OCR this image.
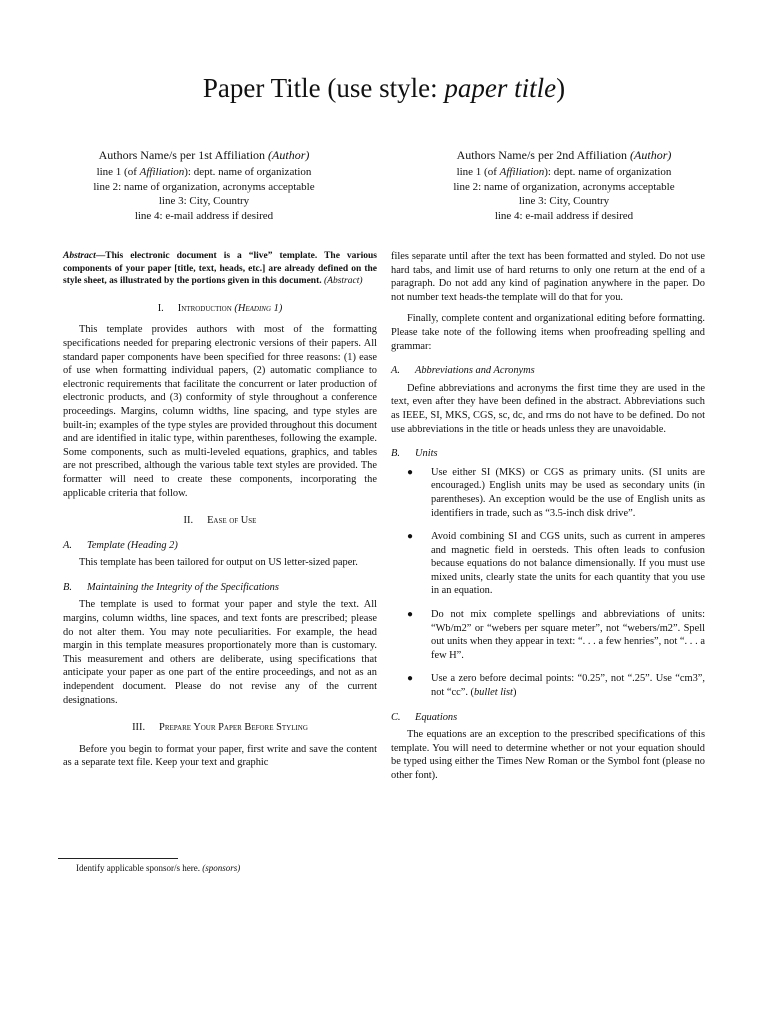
Paper Title (use style: paper title)
Authors Name/s per 1st Affiliation (Author)
line 1 (of Affiliation): dept. name of organization
line 2: name of organization, acronyms acceptable
line 3: City, Country
line 4: e-mail address if desired
Authors Name/s per 2nd Affiliation (Author)
line 1 (of Affiliation): dept. name of organization
line 2: name of organization, acronyms acceptable
line 3: City, Country
line 4: e-mail address if desired

Abstract—This electronic document is a “live” template. The various components of your paper [title, text, heads, etc.] are already defined on the style sheet, as illustrated by the portions given in this document. (Abstract)

I. Introduction (Heading 1)

This template provides authors with most of the formatting specifications needed for preparing electronic versions of their papers. All standard paper components have been specified for three reasons: (1) ease of use when formatting individual papers, (2) automatic compliance to electronic requirements that facilitate the concurrent or later production of electronic products, and (3) conformity of style throughout a conference proceedings. Margins, column widths, line spacing, and type styles are built-in; examples of the type styles are provided throughout this document and are identified in italic type, within parentheses, following the example. Some components, such as multi-leveled equations, graphics, and tables are not prescribed, although the various table text styles are provided. The formatter will need to create these components, incorporating the applicable criteria that follow.

II. Ease of Use
A. Template (Heading 2)

This template has been tailored for output on US letter-sized paper.

B. Maintaining the Integrity of the Specifications

The template is used to format your paper and style the text. All margins, column widths, line spaces, and text fonts are prescribed; please do not alter them. You may note peculiarities. For example, the head margin in this template measures proportionately more than is customary. This measurement and others are deliberate, using specifications that anticipate your paper as one part of the entire proceedings, and not as an independent document. Please do not revise any of the current designations.

III. Prepare Your Paper Before Styling

Before you begin to format your paper, first write and save the content as a separate text file. Keep your text and graphic

files separate until after the text has been formatted and styled. Do not use hard tabs, and limit use of hard returns to only one return at the end of a paragraph. Do not add any kind of pagination anywhere in the paper. Do not number text heads-the template will do that for you.

Finally, complete content and organizational editing before formatting. Please take note of the following items when proofreading spelling and grammar:

A. Abbreviations and Acronyms

Define abbreviations and acronyms the first time they are used in the text, even after they have been defined in the abstract. Abbreviations such as IEEE, SI, MKS, CGS, sc, dc, and rms do not have to be defined. Do not use abbreviations in the title or heads unless they are unavoidable.

B. Units
● Use either SI (MKS) or CGS as primary units. (SI units are encouraged.) English units may be used as secondary units (in parentheses). An exception would be the use of English units as identifiers in trade, such as “3.5-inch disk drive”.
● Avoid combining SI and CGS units, such as current in amperes and magnetic field in oersteds. This often leads to confusion because equations do not balance dimensionally. If you must use mixed units, clearly state the units for each quantity that you use in an equation.
● Do not mix complete spellings and abbreviations of units: “Wb/m2” or “webers per square meter”, not “webers/m2”. Spell out units when they appear in text: “. . . a few henries”, not “. . . a few H”.
● Use a zero before decimal points: “0.25”, not “.25”. Use “cm3”, not “cc”. (bullet list)
C. Equations

The equations are an exception to the prescribed specifications of this template. You will need to determine whether or not your equation should be typed using either the Times New Roman or the Symbol font (please no other font).

Identify applicable sponsor/s here. (sponsors)
